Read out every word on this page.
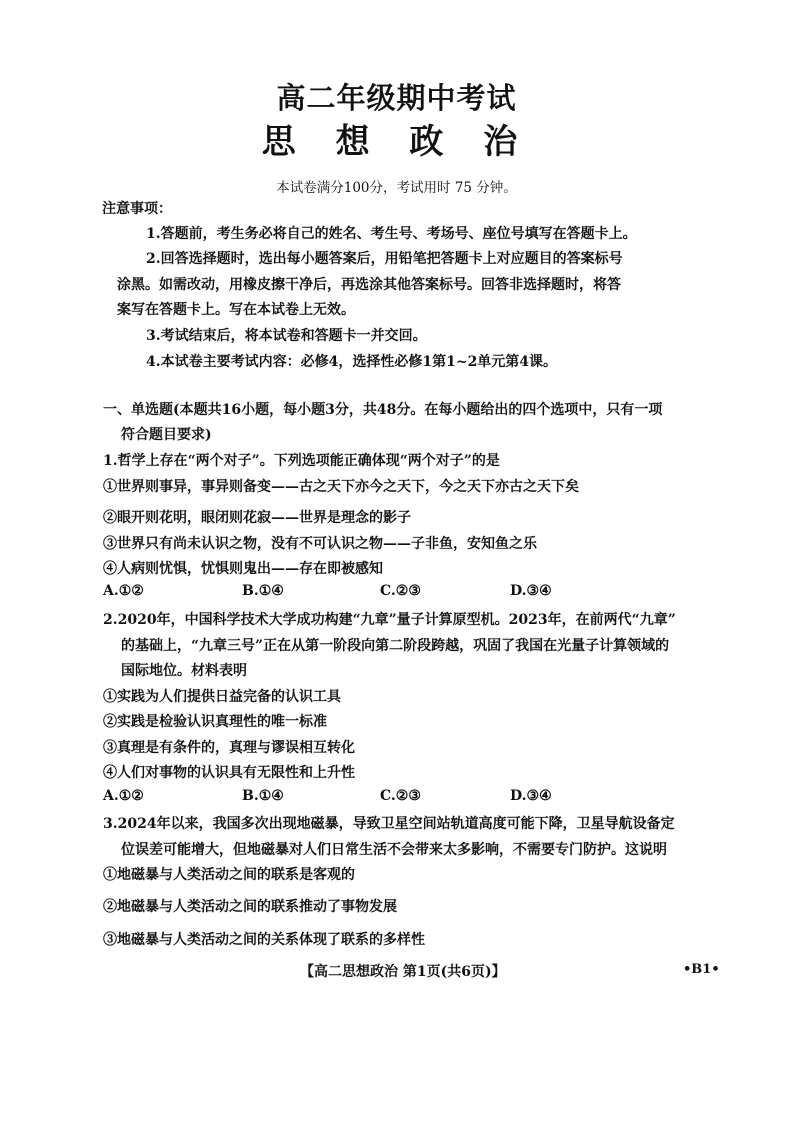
高二年级期中考试
思 想 政 治
本试卷满分100分，考试用时 75 分钟。
注意事项：
1.答题前，考生务必将自己的姓名、考生号、考场号、座位号填写在答题卡上。
2.回答选择题时，选出每小题答案后，用铅笔把答题卡上对应题目的答案标号
涂黑。如需改动，用橡皮擦干净后，再选涂其他答案标号。回答非选择题时，将答
案写在答题卡上。写在本试卷上无效。
3.考试结束后，将本试卷和答题卡一并交回。
4.本试卷主要考试内容：必修4，选择性必修1第1~2单元第4课。
一、单选题(本题共16小题，每小题3分，共48分。在每小题给出的四个选项中，只有一项
符合题目要求)
1.哲学上存在“两个对子”。下列选项能正确体现“两个对子”的是
①世界则事异，事异则备变——古之天下亦今之天下，今之天下亦古之天下矣
②眼开则花明，眼闭则花寂——世界是理念的影子
③世界只有尚未认识之物，没有不可认识之物——子非鱼，安知鱼之乐
④人病则忧惧，忧惧则鬼出——存在即被感知
A.①②	B.①④	C.②③	D.③④
2.2020年，中国科学技术大学成功构建“九章”量子计算原型机。2023年，在前两代“九章”
的基础上，“九章三号”正在从第一阶段向第二阶段跨越，巩固了我国在光量子计算领域的
国际地位。材料表明
①实践为人们提供日益完备的认识工具
②实践是检验认识真理性的唯一标准
③真理是有条件的，真理与谬误相互转化
④人们对事物的认识具有无限性和上升性
A.①②	B.①④	C.②③	D.③④
3.2024年以来，我国多次出现地磁暴，导致卫星空间站轨道高度可能下降，卫星导航设备定
位误差可能增大，但地磁暴对人们日常生活不会带来太多影响，不需要专门防护。这说明
①地磁暴与人类活动之间的联系是客观的
②地磁暴与人类活动之间的联系推动了事物发展
③地磁暴与人类活动之间的关系体现了联系的多样性
【高二思想政治 第1页(共6页)】	•B1•
